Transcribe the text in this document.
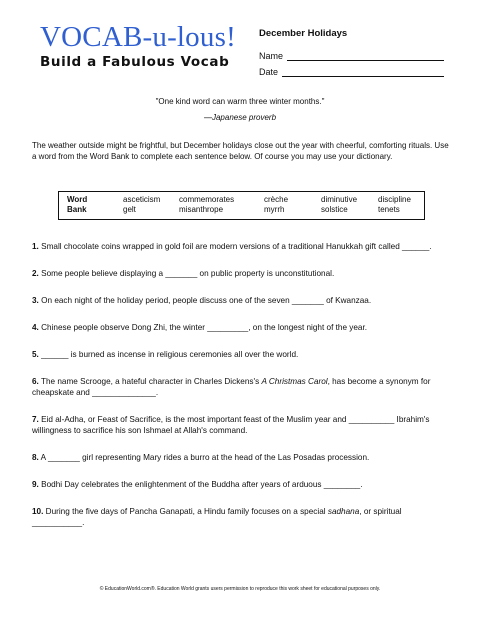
VOCAB-u-lous!
Build a Fabulous Vocab
December Holidays
Name
Date
"One kind word can warm three winter months."
—Japanese proverb
The weather outside might be frightful, but December holidays close out the year with cheerful, comforting rituals. Use a word from the Word Bank to complete each sentence below. Of course you may use your dictionary.
Word
Bank
asceticism	commemorates	crèche	diminutive	discipline
gelt	misanthrope	myrrh	solstice	tenets
1. Small chocolate coins wrapped in gold foil are modern versions of a traditional Hanukkah gift called ______.
2. Some people believe displaying a _______ on public property is unconstitutional.
3. On each night of the holiday period, people discuss one of the seven _______ of Kwanzaa.
4. Chinese people observe Dong Zhi, the winter _________, on the longest night of the year.
5. ______ is burned as incense in religious ceremonies all over the world.
6. The name Scrooge, a hateful character in Charles Dickens's A Christmas Carol, has become a synonym for cheapskate and ______________.
7. Eid al-Adha, or Feast of Sacrifice, is the most important feast of the Muslim year and __________ Ibrahim's willingness to sacrifice his son Ishmael at Allah's command.
8. A _______ girl representing Mary rides a burro at the head of the Las Posadas procession.
9. Bodhi Day celebrates the enlightenment of the Buddha after years of arduous ________.
10. During the five days of Pancha Ganapati, a Hindu family focuses on a special sadhana, or spiritual ___________.
© EducationWorld.com®. Education World grants users permission to reproduce this work sheet for educational purposes only.
